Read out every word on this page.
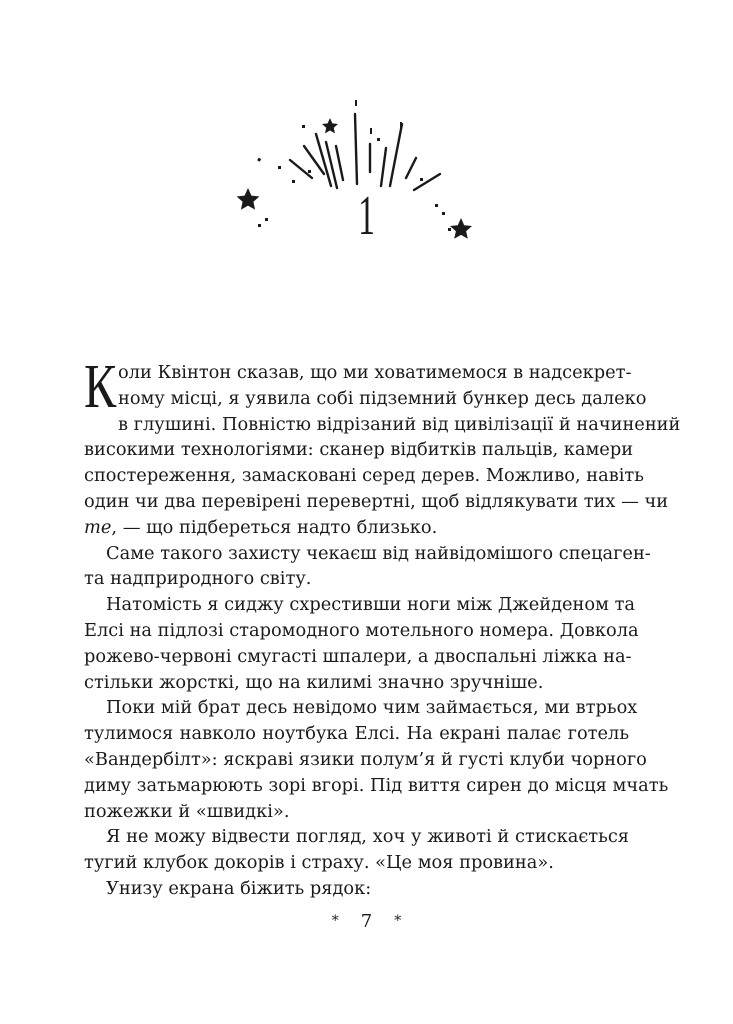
1
К оли Квінтон сказав, що ми ховатимемося в надсекрет-
ному місці, я уявила собі підземний бункер десь далеко
в глушині. Повністю відрізаний від цивілізації й начинений
високими технологіями: сканер відбитків пальців, камери
спостереження, замасковані серед дерев. Можливо, навіть
один чи два перевірені перевертні, щоб відлякувати тих — чи
те, — що підбереться надто близько.
Саме такого захисту чекаєш від найвідомішого спецаген-
та надприродного світу.
Натомість я сиджу схрестивши ноги між Джейденом та
Елсі на підлозі старомодного мотельного номера. Довкола
рожево-червоні смугасті шпалери, а двоспальні ліжка на-
стільки жорсткі, що на килимі значно зручніше.
Поки мій брат десь невідомо чим займається, ми втрьох
тулимося навколо ноутбука Елсі. На екрані палає готель
«Вандербілт»: яскраві язики полум’я й густі клуби чорного
диму затьмарюють зорі вгорі. Під виття сирен до місця мчать
пожежки й «швидкі».
Я не можу відвести погляд, хоч у животі й стискається
тугий клубок докорів і страху. «Це моя провина».
Унизу екрана біжить рядок:
* 7 *
